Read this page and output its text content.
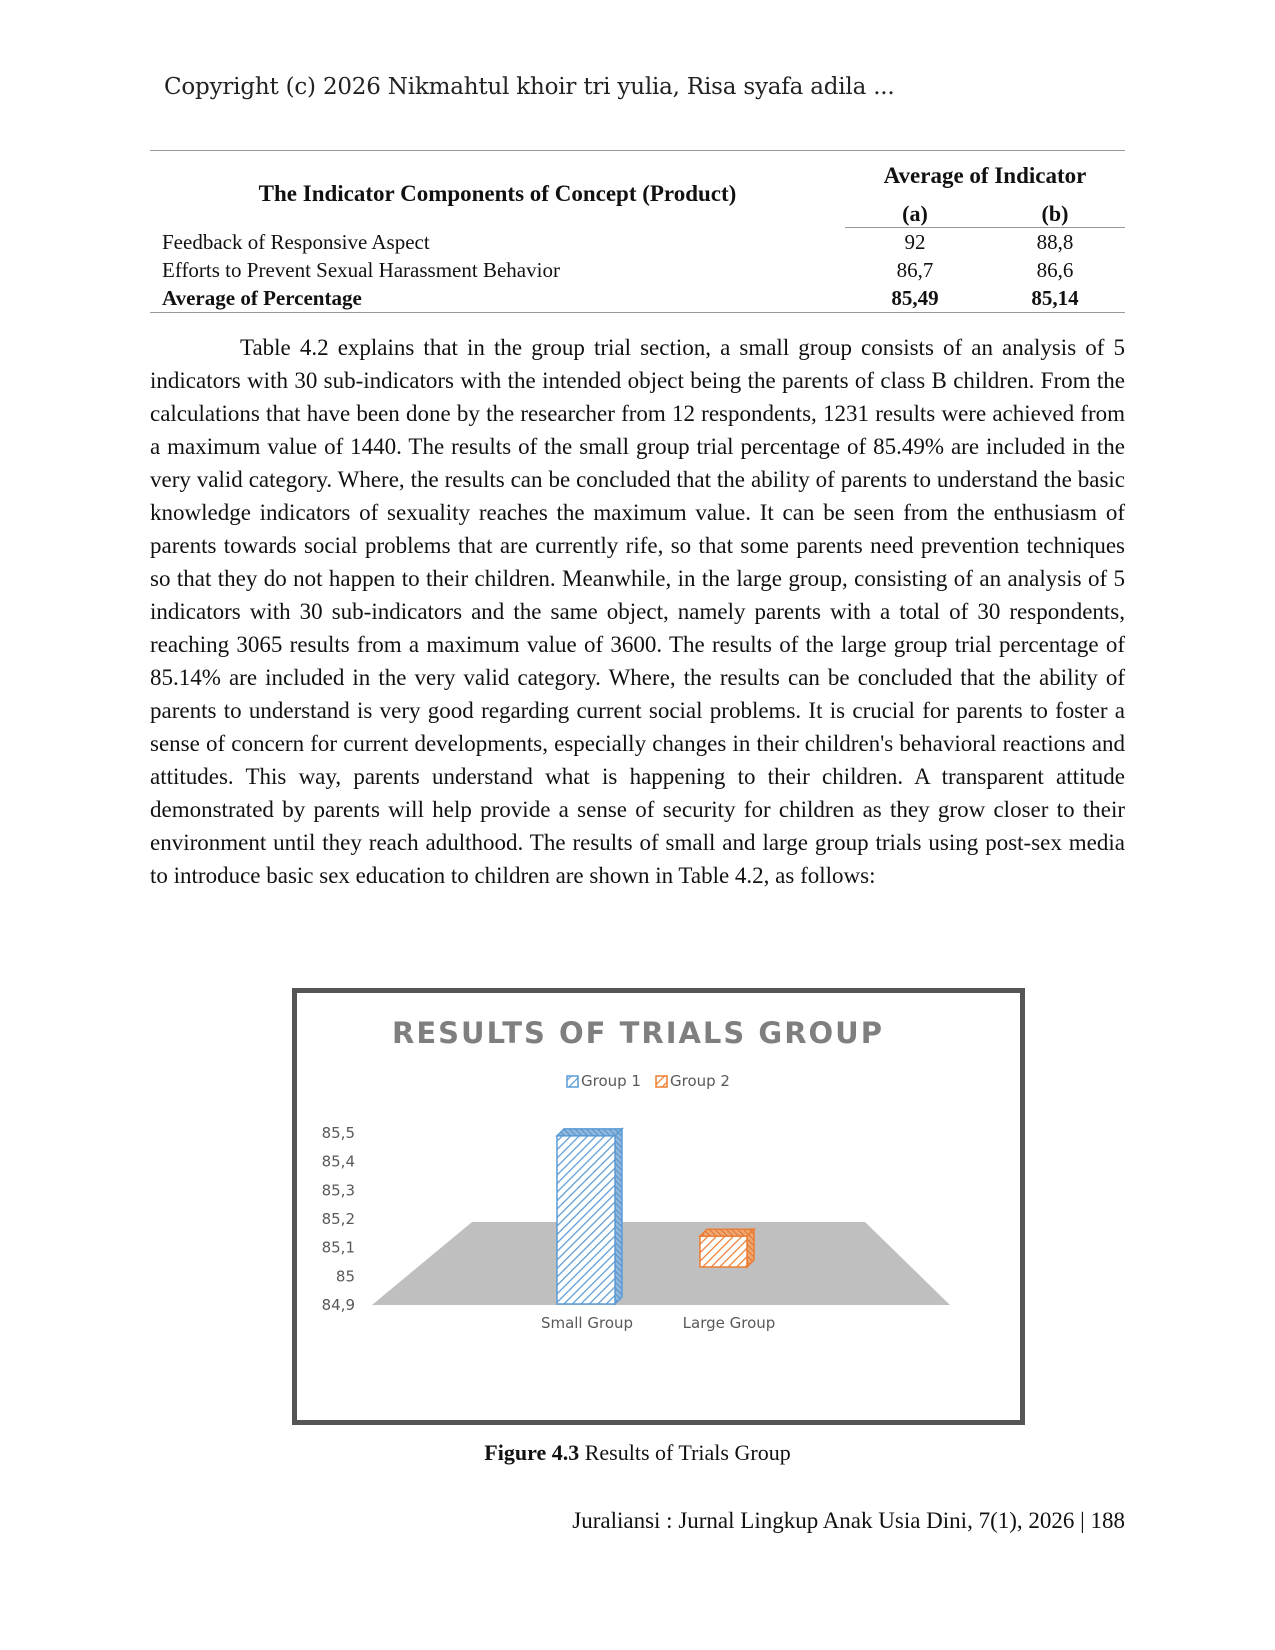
Copyright (c) 2026 Nikmahtul khoir tri yulia, Risa syafa adila ...

The Indicator Components of Concept (Product)	Average of Indicator	
	(a)	(b)
Feedback of Responsive Aspect	92	88,8
Efforts to Prevent Sexual Harassment Behavior	86,7	86,6
Average of Percentage	85,49	85,14

Table 4.2 explains that in the group trial section, a small group consists of an analysis of 5 indicators with 30 sub-indicators with the intended object being the parents of class B children. From the calculations that have been done by the researcher from 12 respondents, 1231 results were achieved from a maximum value of 1440. The results of the small group trial percentage of 85.49% are included in the very valid category. Where, the results can be concluded that the ability of parents to understand the basic knowledge indicators of sexuality reaches the maximum value. It can be seen from the enthusiasm of parents towards social problems that are currently rife, so that some parents need prevention techniques so that they do not happen to their children. Meanwhile, in the large group, consisting of an analysis of 5 indicators with 30 sub-indicators and the same object, namely parents with a total of 30 respondents, reaching 3065 results from a maximum value of 3600. The results of the large group trial percentage of 85.14% are included in the very valid category. Where, the results can be concluded that the ability of parents to understand is very good regarding current social problems. It is crucial for parents to foster a sense of concern for current developments, especially changes in their children's behavioral reactions and attitudes. This way, parents understand what is happening to their children. A transparent attitude demonstrated by parents will help provide a sense of security for children as they grow closer to their environment until they reach adulthood. The results of small and large group trials using post-sex media to introduce basic sex education to children are shown in Table 4.2, as follows:

RESULTS OF TRIALS GROUP
Group 1 Group 2
84,9
85
85,1
85,2
85,3
85,4
85,5
Small Group	Large Group
Figure 4.3 Results of Trials Group
Juraliansi : Jurnal Lingkup Anak Usia Dini, 7(1), 2026 | 188
